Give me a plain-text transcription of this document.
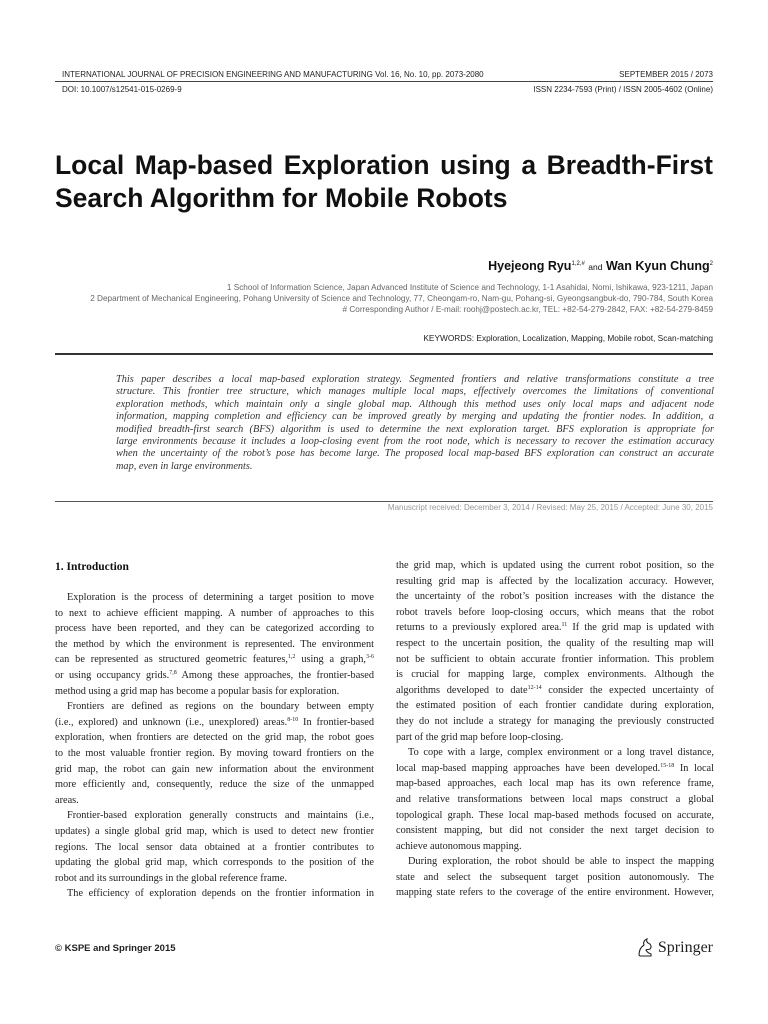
INTERNATIONAL JOURNAL OF PRECISION ENGINEERING AND MANUFACTURING Vol. 16, No. 10, pp. 2073-2080	SEPTEMBER 2015 / 2073
DOI: 10.1007/s12541-015-0269-9	ISSN 2234-7593 (Print) / ISSN 2005-4602 (Online)
Local Map-based Exploration using a Breadth-First
Search Algorithm for Mobile Robots
Hyejeong Ryu$^{1,2,\#}$ and Wan Kyun Chung$^2$
1 School of Information Science, Japan Advanced Institute of Science and Technology, 1-1 Asahidai, Nomi, Ishikawa, 923-1211, Japan
2 Department of Mechanical Engineering, Pohang University of Science and Technology, 77, Cheongam-ro, Nam-gu, Pohang-si, Gyeongsangbuk-do, 790-784, South Korea
# Corresponding Author / E-mail: roohj@postech.ac.kr, TEL: +82-54-279-2842, FAX: +82-54-279-8459
KEYWORDS: Exploration, Localization, Mapping, Mobile robot, Scan-matching
This paper describes a local map-based exploration strategy. Segmented frontiers and relative transformations constitute a tree
structure. This frontier tree structure, which manages multiple local maps, effectively overcomes the limitations of conventional
exploration methods, which maintain only a single global map. Although this method uses only local maps and adjacent node
information, mapping completion and efficiency can be improved greatly by merging and updating the frontier nodes. In addition, a
modified breadth-first search (BFS) algorithm is used to determine the next exploration target. BFS exploration is appropriate for
large environments because it includes a loop-closing event from the root node, which is necessary to recover the estimation accuracy
when the uncertainty of the robot’s pose has become large. The proposed local map-based BFS exploration can construct an accurate
map, even in large environments.
Manuscript received: December 3, 2014 / Revised: May 25, 2015 / Accepted: June 30, 2015
1. Introduction
Exploration is the process of determining a target position to move
to next to achieve efficient mapping. A number of approaches to this
process have been reported, and they can be categorized according to
the method by which the environment is represented. The environment
can be represented as structured geometric features,$^{1,2}$ using a graph,$^{3-6}$
or using occupancy grids.$^{7,8}$ Among these approaches, the frontier-based
method using a grid map has become a popular basis for exploration.
Frontiers are defined as regions on the boundary between empty
(i.e., explored) and unknown (i.e., unexplored) areas.$^{8-10}$ In frontier-based
exploration, when frontiers are detected on the grid map, the robot goes
to the most valuable frontier region. By moving toward frontiers on the
grid map, the robot can gain new information about the environment
more efficiently and, consequently, reduce the size of the unmapped
areas.
Frontier-based exploration generally constructs and maintains (i.e.,
updates) a single global grid map, which is used to detect new frontier
regions. The local sensor data obtained at a frontier contributes to
updating the global grid map, which corresponds to the position of the
robot and its surroundings in the global reference frame.
The efficiency of exploration depends on the frontier information in
the grid map, which is updated using the current robot position, so the
resulting grid map is affected by the localization accuracy. However,
the uncertainty of the robot’s position increases with the distance the
robot travels before loop-closing occurs, which means that the robot
returns to a previously explored area.$^{11}$ If the grid map is updated with
respect to the uncertain position, the quality of the resulting map will
not be sufficient to obtain accurate frontier information. This problem
is crucial for mapping large, complex environments. Although the
algorithms developed to date$^{12-14}$ consider the expected uncertainty of
the estimated position of each frontier candidate during exploration,
they do not include a strategy for managing the previously constructed
part of the grid map before loop-closing.
To cope with a large, complex environment or a long travel distance,
local map-based mapping approaches have been developed.$^{15-18}$ In local
map-based approaches, each local map has its own reference frame,
and relative transformations between local maps construct a global
topological graph. These local map-based methods focused on accurate,
consistent mapping, but did not consider the next target decision to
achieve autonomous mapping.
During exploration, the robot should be able to inspect the mapping
state and select the subsequent target position autonomously. The
mapping state refers to the coverage of the entire environment. However,
© KSPE and Springer 2015	Springer
